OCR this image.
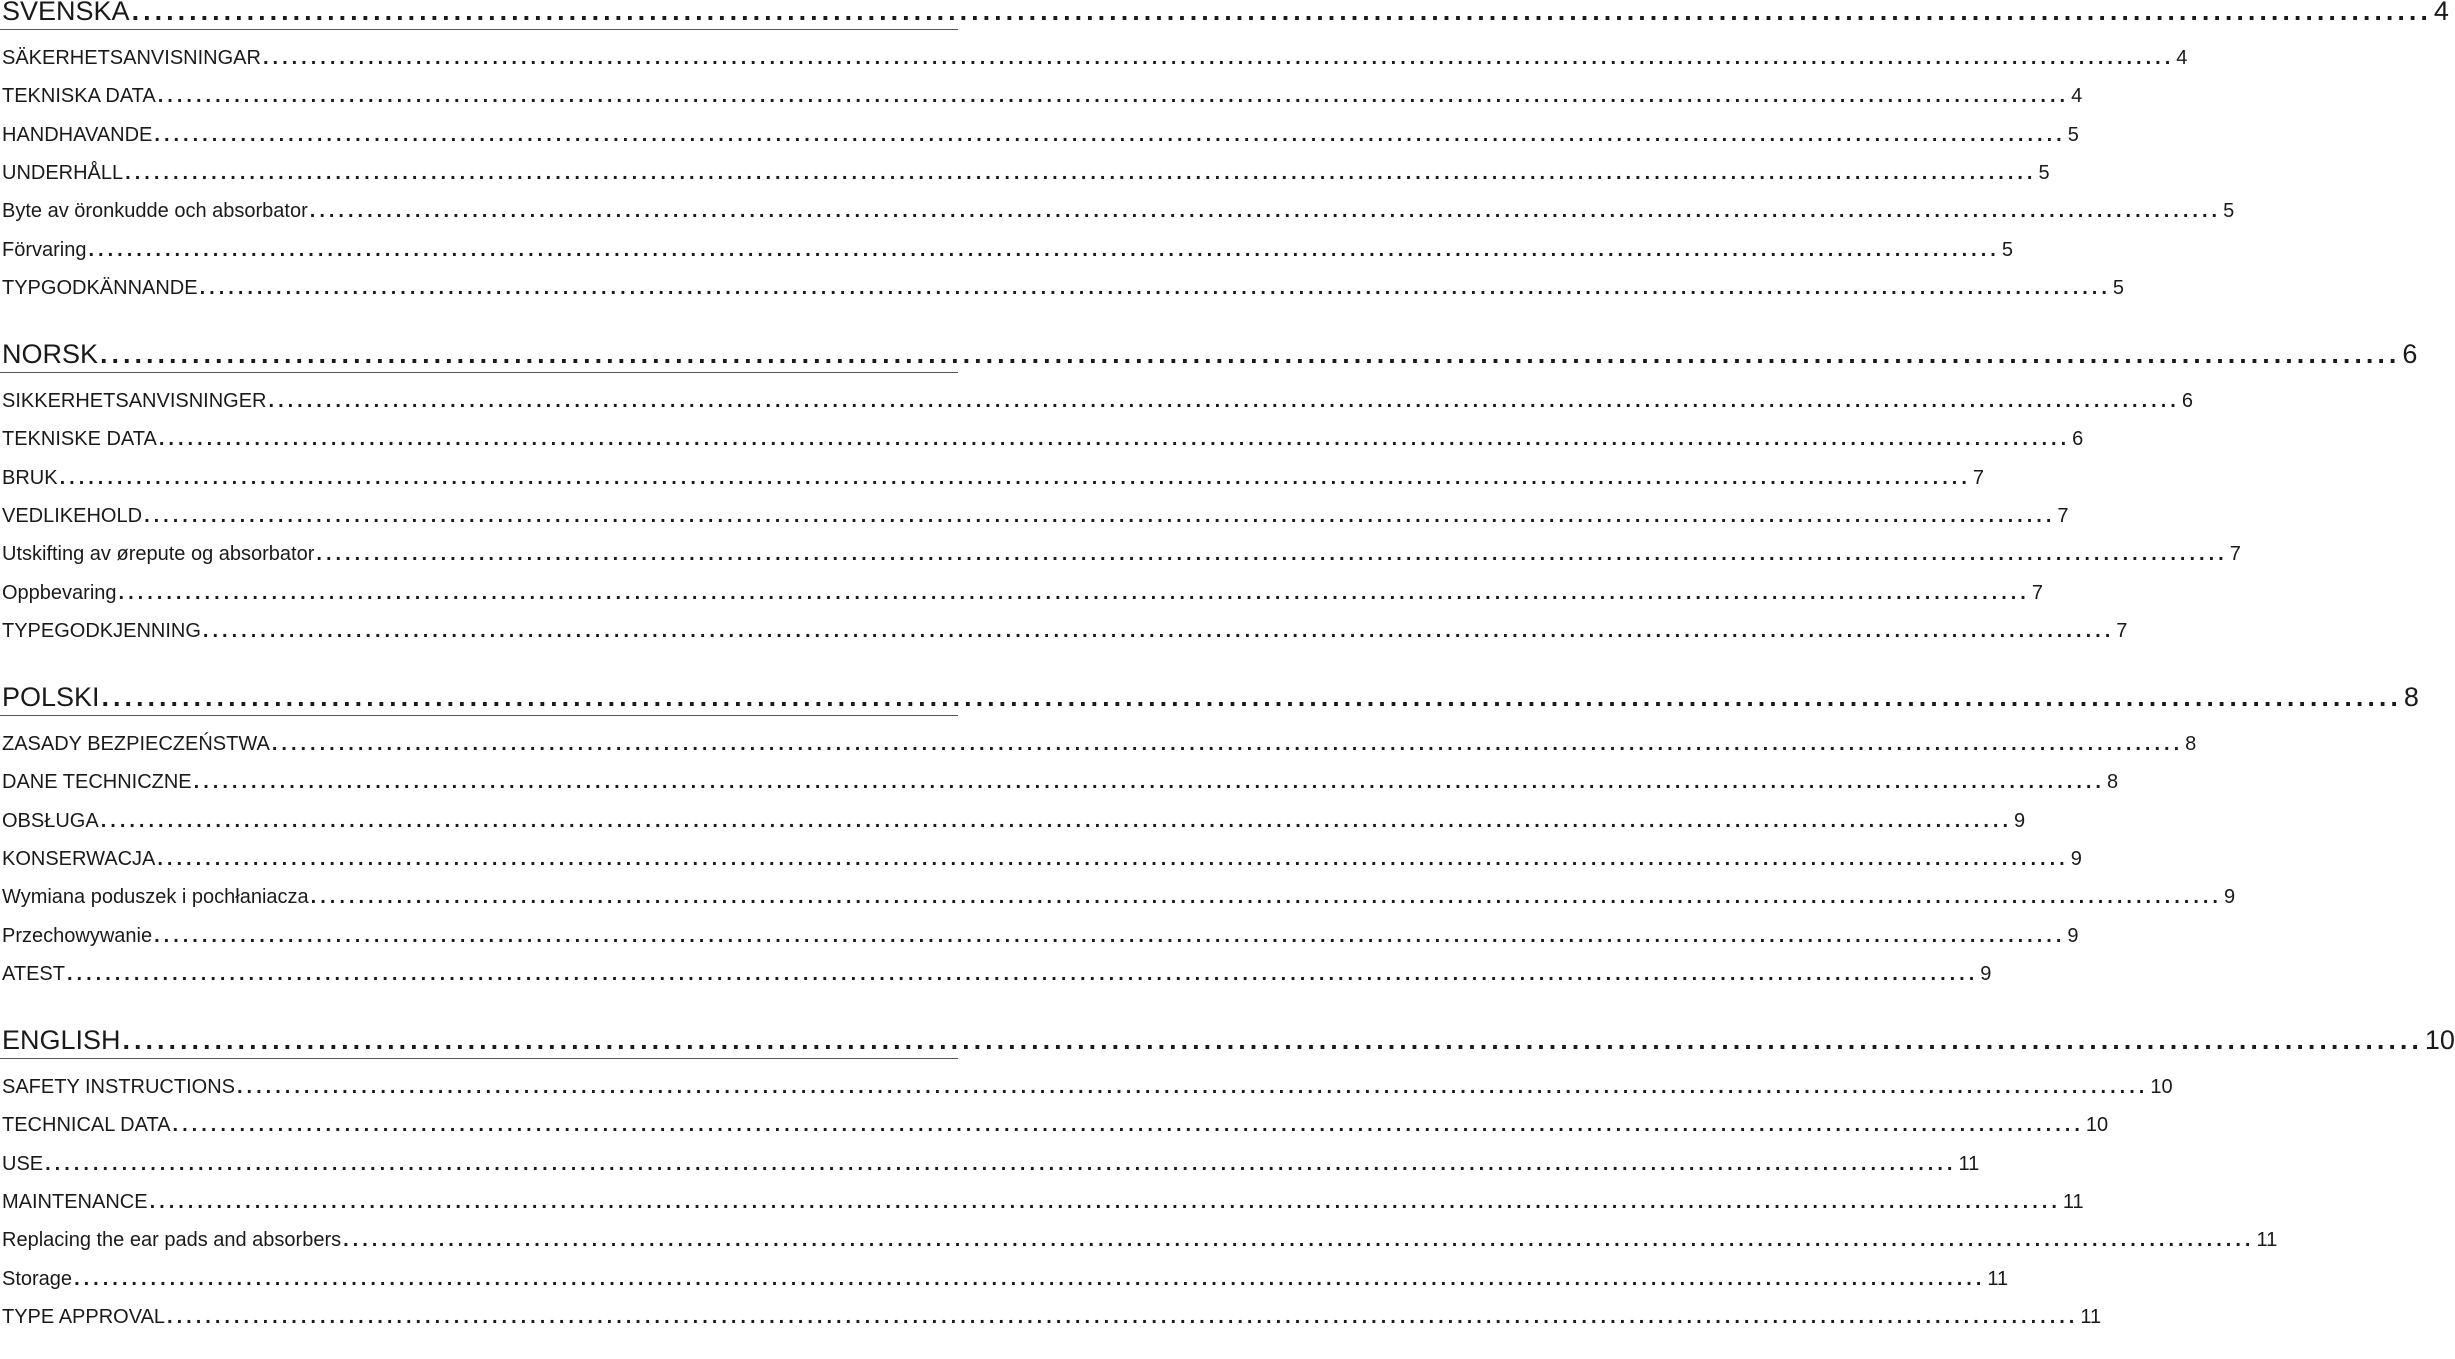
SVENSKA ........................................................................................................................................................................................................ 4
SÄKERHETSANVISNINGAR ........................................................................................................................................................................................................ 4
TEKNISKA DATA ........................................................................................................................................................................................................ 4
HANDHAVANDE ........................................................................................................................................................................................................ 5
UNDERHÅLL ........................................................................................................................................................................................................ 5
Byte av öronkudde och absorbator ........................................................................................................................................................................................................ 5
Förvaring ........................................................................................................................................................................................................ 5
TYPGODKÄNNANDE ........................................................................................................................................................................................................ 5
NORSK ........................................................................................................................................................................................................ 6
SIKKERHETSANVISNINGER ........................................................................................................................................................................................................ 6
TEKNISKE DATA ........................................................................................................................................................................................................ 6
BRUK ........................................................................................................................................................................................................ 7
VEDLIKEHOLD ........................................................................................................................................................................................................ 7
Utskifting av ørepute og absorbator ........................................................................................................................................................................................................ 7
Oppbevaring ........................................................................................................................................................................................................ 7
TYPEGODKJENNING ........................................................................................................................................................................................................ 7
POLSKI ........................................................................................................................................................................................................ 8
ZASADY BEZPIECZEŃSTWA ........................................................................................................................................................................................................ 8
DANE TECHNICZNE ........................................................................................................................................................................................................ 8
OBSŁUGA ........................................................................................................................................................................................................ 9
KONSERWACJA ........................................................................................................................................................................................................ 9
Wymiana poduszek i pochłaniacza ........................................................................................................................................................................................................ 9
Przechowywanie ........................................................................................................................................................................................................ 9
ATEST ........................................................................................................................................................................................................ 9
ENGLISH ........................................................................................................................................................................................................ 10
SAFETY INSTRUCTIONS ........................................................................................................................................................................................................ 10
TECHNICAL DATA ........................................................................................................................................................................................................ 10
USE ........................................................................................................................................................................................................ 11
MAINTENANCE ........................................................................................................................................................................................................ 11
Replacing the ear pads and absorbers ........................................................................................................................................................................................................ 11
Storage ........................................................................................................................................................................................................ 11
TYPE APPROVAL ........................................................................................................................................................................................................ 11
